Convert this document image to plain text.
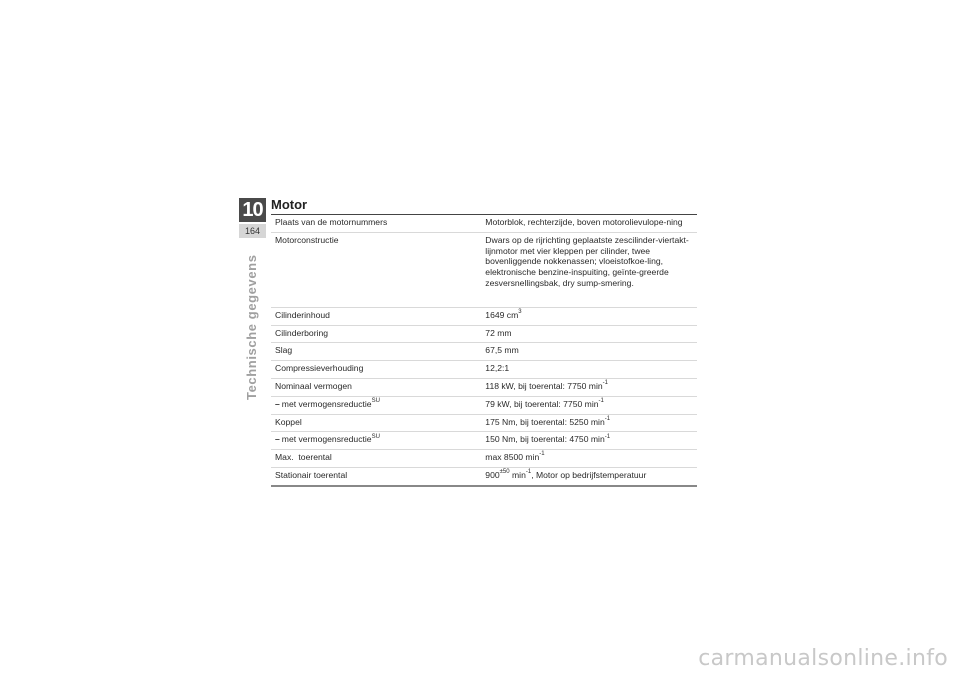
10
164
Technische gegevens
Motor
Plaats van de motornummers	Motorblok, rechterzijde, boven motorolievulope-ning
Motorconstructie	Dwars op de rijrichting geplaatste zescilinder-viertakt-lijnmotor met vier kleppen per cilinder, twee bovenliggende nokkenassen; vloeistofkoe-ling, elektronische benzine-inspuiting, geïnte-greerde zesversnellingsbak, dry sump-smering.
Cilinderinhoud	1649 $cm^3$
Cilinderboring	72 mm
Slag	67,5 mm
Compressieverhouding	12,2:1
Nominaal vermogen	118 kW, bij toerental: 7750 $\min^{-1}$
– met vermogensreductie$^{SU}$	79 kW, bij toerental: 7750 $\min^{-1}$
Koppel	175 Nm, bij toerental: 5250 $\min^{-1}$
– met vermogensreductie$^{SU}$	150 Nm, bij toerental: 4750 $\min^{-1}$
Max.  toerental	max 8500 $\min^{-1}$
Stationair toerental	$900^{\pm 50}$ $\min^{-1}$, Motor op bedrijfstemperatuur
carmanualsonline.info
